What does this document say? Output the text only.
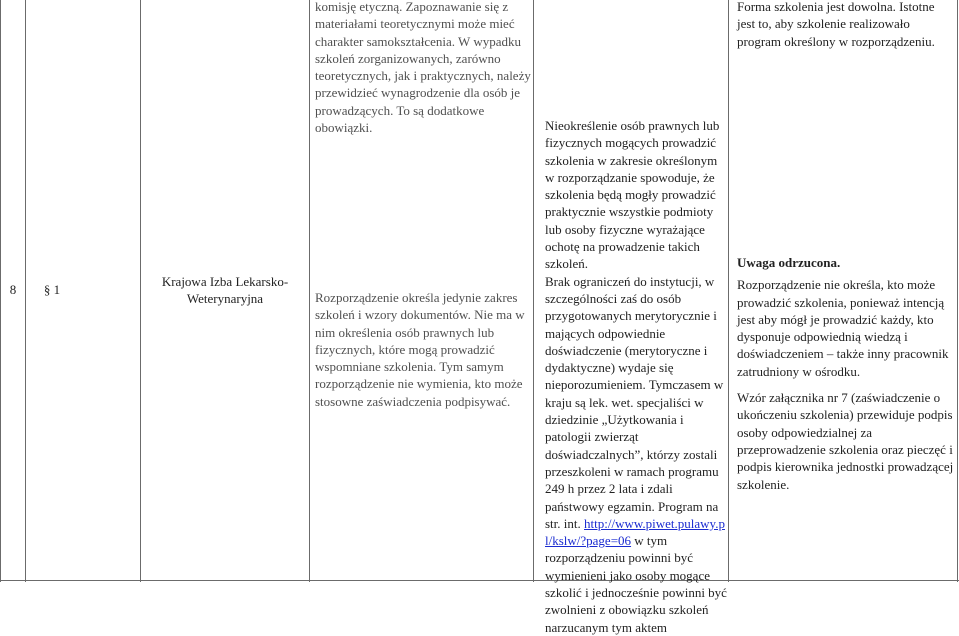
8 § 1
Krajowa Izba Lekarsko-Weterynaryjna
komisję etyczną. Zapoznawanie się z materiałami teoretycznymi może mieć charakter samokształcenia. W wypadku szkoleń zorganizowanych, zarówno teoretycznych, jak i praktycznych, należy przewidzieć wynagrodzenie dla osób je prowadzących. To są dodatkowe obowiązki.
Rozporządzenie określa jedynie zakres szkoleń i wzory dokumentów. Nie ma w nim określenia osób prawnych lub fizycznych, które mogą prowadzić wspomniane szkolenia. Tym samym rozporządzenie nie wymienia, kto może stosowne zaświadczenia podpisywać.

Nieokreślenie osób prawnych lub fizycznych mogących prowadzić szkolenia w zakresie określonym w rozporządzanie spowoduje, że szkolenia będą mogły prowadzić praktycznie wszystkie podmioty lub osoby fizyczne wyrażające ochotę na prowadzenie takich szkoleń.

Brak ograniczeń do instytucji, w szczególności zaś do osób przygotowanych merytorycznie i mających odpowiednie doświadczenie (merytoryczne i dydaktyczne) wydaje się nieporozumieniem. Tymczasem w kraju są lek. wet. specjaliści w dziedzinie „Użytkowania i patologii zwierząt doświadczalnych”, którzy zostali przeszkoleni w ramach programu 249 h przez 2 lata i zdali państwowy egzamin. Program na str. int. http://www.piwet.pulawy.pl/kslw/?page=06 w tym rozporządzeniu powinni być wymienieni jako osoby mogące szkolić i jednocześnie powinni być zwolnieni z obowiązku szkoleń narzucanym tym aktem

Forma szkolenia jest dowolna. Istotne jest to, aby szkolenie realizowało program określony w rozporządzeniu.

Uwaga odrzucona.

Rozporządzenie nie określa, kto może prowadzić szkolenia, ponieważ intencją jest aby mógł je prowadzić każdy, kto dysponuje odpowiednią wiedzą i doświadczeniem – także inny pracownik zatrudniony w ośrodku.

Wzór załącznika nr 7 (zaświadczenie o ukończeniu szkolenia) przewiduje podpis osoby odpowiedzialnej za przeprowadzenie szkolenia oraz pieczęć i podpis kierownika jednostki prowadzącej szkolenie.
